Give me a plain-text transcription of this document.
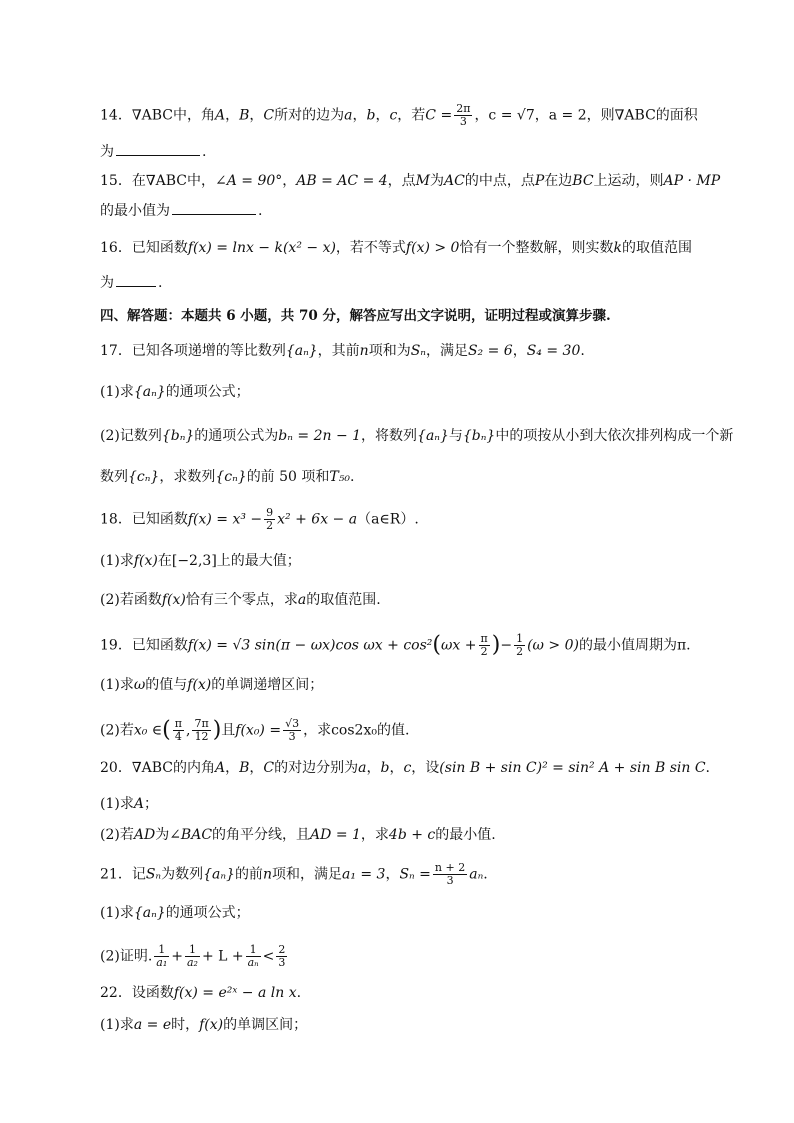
14．∇ABC中，角A，B，C所对的边为a，b，c，若$C = \frac{2\pi}{3}$ ，c = √7，a = 2，则∇ABC的面积
为	.
15．在∇ABC中，∠A = 90°，AB = AC = 4，点M为AC的中点，点P在边BC上运动，则AP · MP
的最小值为	.
16．已知函数f(x) = lnx − k(x² − x)，若不等式f(x) > 0恰有一个整数解，则实数k的取值范围
为	.
四、解答题：本题共 6 小题，共 70 分，解答应写出文字说明，证明过程或演算步骤.
17．已知各项递增的等比数列{aₙ}，其前n项和为Sₙ，满足S₂ = 6，S₄ = 30.
(1)求{aₙ}的通项公式；
(2)记数列{bₙ}的通项公式为bₙ = 2n − 1，将数列{aₙ}与{bₙ}中的项按从小到大依次排列构成一个新
数列{cₙ}，求数列{cₙ}的前 50 项和T₅₀.
18．已知函数$f(x) = x^3 - \frac{9}{2} x^2 + 6x$ − a（a∈R）.
(1)求f(x)在[−2,3]上的最大值；
(2)若函数f(x)恰有三个零点，求a的取值范围.
19．已知函数f(x) = √3 sin(π − ωx)cos $\omega x + \cos^2(\omega x + \frac{\pi}{2}$ )− $\frac{1}{2} (\omega > 0)$的最小值周期为π.
(1)求ω的值与f(x)的单调递增区间；
(2)若x₀ ∈( $\frac{\pi}{4}$ , $\frac{7\pi}{12}$ )且$f(x_0) = \frac{√3}{3}$ ，求cos2x₀的值.
20．∇ABC的内角A，B，C的对边分别为a，b，c，设(sin B + sin C)² = sin² A + sin B sin C.
(1)求A；
(2)若AD为∠BAC的角平分线，且AD = 1，求4b + c的最小值.
21．记Sₙ为数列{aₙ}的前n项和，满足a₁ = 3，$S_n = \frac{n + 2}{3} a_n$.
(1)求{aₙ}的通项公式；
(2)证明. $\frac{1}{\text{a₁}} + \frac{1}{\text{a₂}} + L + \frac{1}{\text{aₙ}} < \frac{2}{3}$
22．设函数f(x) = e²ˣ − a ln x.
(1)求a = e时，f(x)的单调区间；
